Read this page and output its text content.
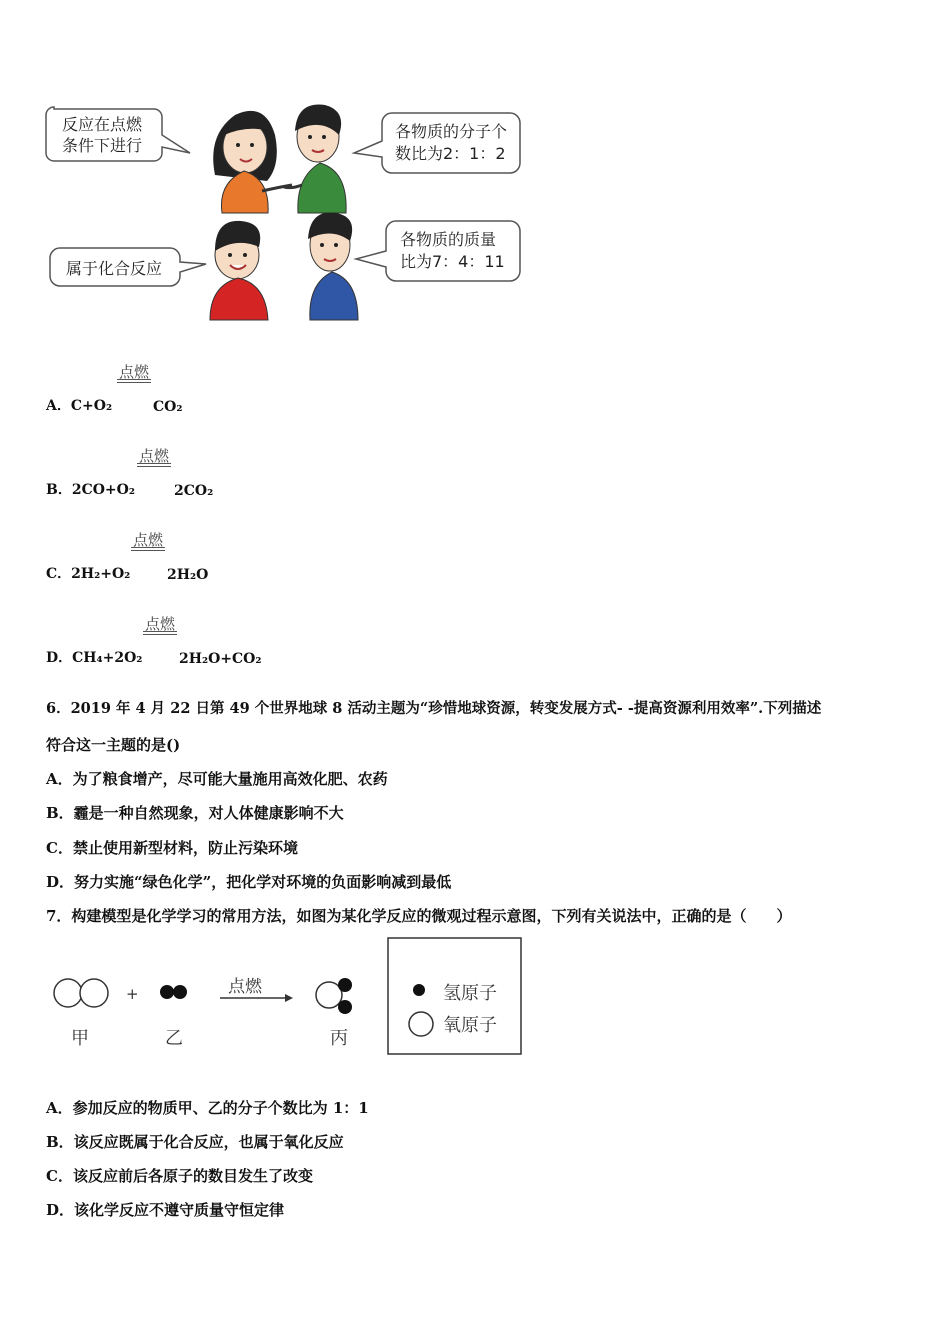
反应在点燃
条件下进行
各物质的分子个
数比为2：1：2
属于化合反应
各物质的质量
比为7：4：11
A．C+O₂
点燃
CO₂
B．2CO+O₂
点燃
2CO₂
C．2H₂+O₂
点燃
2H₂O
D．CH₄+2O₂
点燃
2H₂O+CO₂
6．2019 年 4 月 22 日第 49 个世界地球 8 活动主题为“珍惜地球资源，转变发展方式- -提高资源利用效率”.下列描述
符合这一主题的是()
A．为了粮食增产，尽可能大量施用高效化肥、农药
B．霾是一种自然现象，对人体健康影响不大
C．禁止使用新型材料，防止污染环境
D．努力实施“绿色化学”，把化学对环境的负面影响减到最低
7．构建模型是化学学习的常用方法，如图为某化学反应的微观过程示意图，下列有关说法中，正确的是（　　）
甲
+
乙
点燃
丙
氢原子
氧原子
A．参加反应的物质甲、乙的分子个数比为 1：1
B．该反应既属于化合反应，也属于氧化反应
C．该反应前后各原子的数目发生了改变
D．该化学反应不遵守质量守恒定律
